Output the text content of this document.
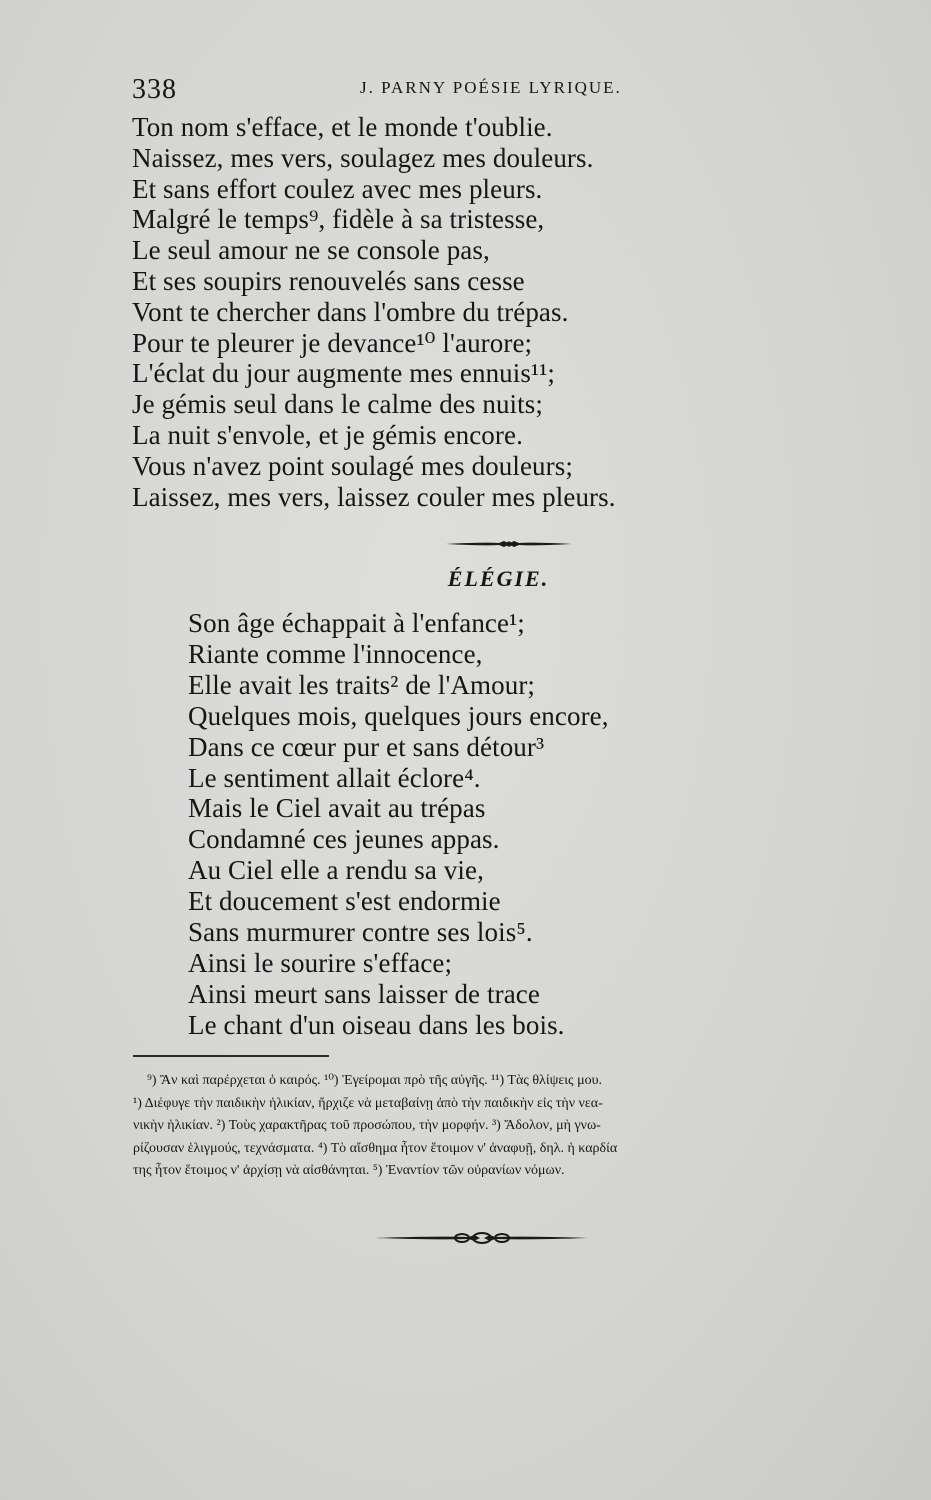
338	J. PARNY POÉSIE LYRIQUE.
Ton nom s'efface, et le monde t'oublie.
Naissez, mes vers, soulagez mes douleurs.
Et sans effort coulez avec mes pleurs.
Malgré le temps⁹, fidèle à sa tristesse,
Le seul amour ne se console pas,
Et ses soupirs renouvelés sans cesse
Vont te chercher dans l'ombre du trépas.
Pour te pleurer je devance¹⁰ l'aurore;
L'éclat du jour augmente mes ennuis¹¹;
Je gémis seul dans le calme des nuits;
La nuit s'envole, et je gémis encore.
Vous n'avez point soulagé mes douleurs;
Laissez, mes vers, laissez couler mes pleurs.
ÉLÉGIE.
Son âge échappait à l'enfance¹;
Riante comme l'innocence,
Elle avait les traits² de l'Amour;
Quelques mois, quelques jours encore,
Dans ce cœur pur et sans détour³
Le sentiment allait éclore⁴.
Mais le Ciel avait au trépas
Condamné ces jeunes appas.
Au Ciel elle a rendu sa vie,
Et doucement s'est endormie
Sans murmurer contre ses lois⁵.
Ainsi le sourire s'efface;
Ainsi meurt sans laisser de trace
Le chant d'un oiseau dans les bois.
⁹) Ἂν καὶ παρέρχεται ὁ καιρός. ¹⁰) Ἐγείρομαι πρὸ τῆς αὐγῆς. ¹¹) Τὰς θλίψεις μου.
¹) Διέφυγε τὴν παιδικὴν ἡλικίαν, ἤρχιζε νὰ μεταβαίνῃ ἀπὸ τὴν παιδικὴν εἰς τὴν νεα-
νικὴν ἡλικίαν. ²) Τοὺς χαρακτῆρας τοῦ προσώπου, τὴν μορφήν. ³) Ἄδολον, μὴ γνω-
ρίζουσαν ἑλιγμούς, τεχνάσματα. ⁴) Τὸ αἴσθημα ἦτον ἕτοιμον ν' ἀναφυῇ, δηλ. ἡ καρδία
της ἦτον ἕτοιμος ν' ἀρχίσῃ νὰ αἰσθάνηται. ⁵) Ἐναντίον τῶν οὐρανίων νόμων.
